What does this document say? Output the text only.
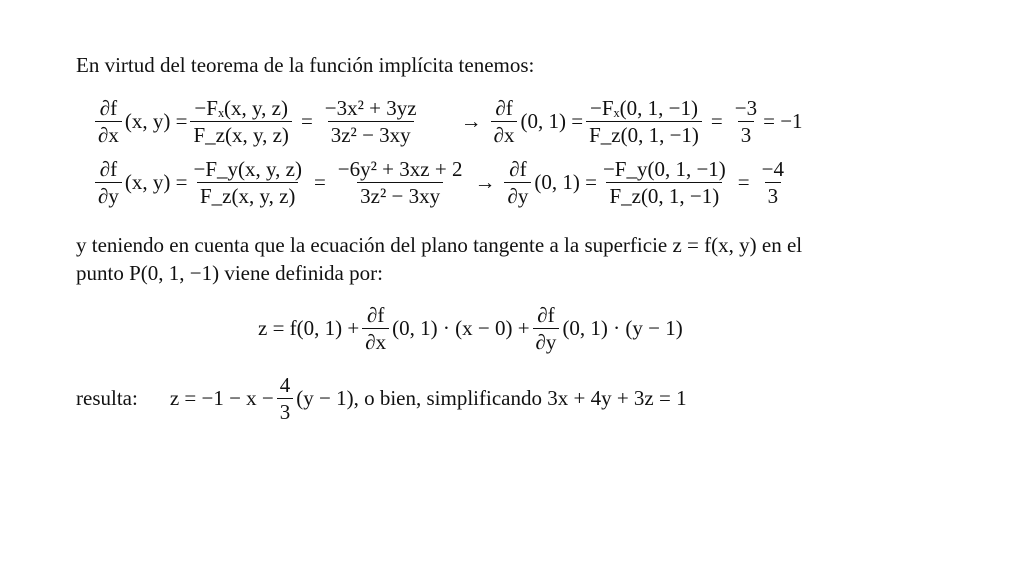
En virtud del teorema de la función implícita tenemos:
$\frac{\partial f}{\partial x} (x$, $y) = \frac{\text{−Fₓ(x, y, z)}}{F\_z(x, y, z)} = \frac{\text{−3x² + 3yz}}{\text{3z² − 3xy}} \to \frac{\partial f}{\partial x} (0$, $1) = \frac{\text{−Fₓ(0, 1, −1)}}{F\_z(0, 1, -1)} = \frac{-3}{3} = -1$
$\frac{\partial f}{\partial y} (x$, $y) = \frac{-F\_y(x, y, z)}{F\_z(x, y, z)} = \frac{\text{−6y² + 3xz + 2}}{\text{3z² − 3xy}} \to \frac{\partial f}{\partial y} (0$, $1) = \frac{-F\_y(0, 1, -1)}{F\_z(0, 1, -1)} = \frac{-4}{3}$
y teniendo en cuenta que la ecuación del plano tangente a la superficie z = f(x, y) en el
punto P(0, 1, −1) viene definida por:
z = f(0, $1) + \frac{\partial f}{\partial x} (0$, $1) \cdot (x - 0) + \frac{\partial f}{\partial y} (0$, 1) · (y − 1)
resulta: $z = -1 - x - \frac{4}{3} (y - 1)$, o bien, simplificando 3x + 4y + 3z = 1
